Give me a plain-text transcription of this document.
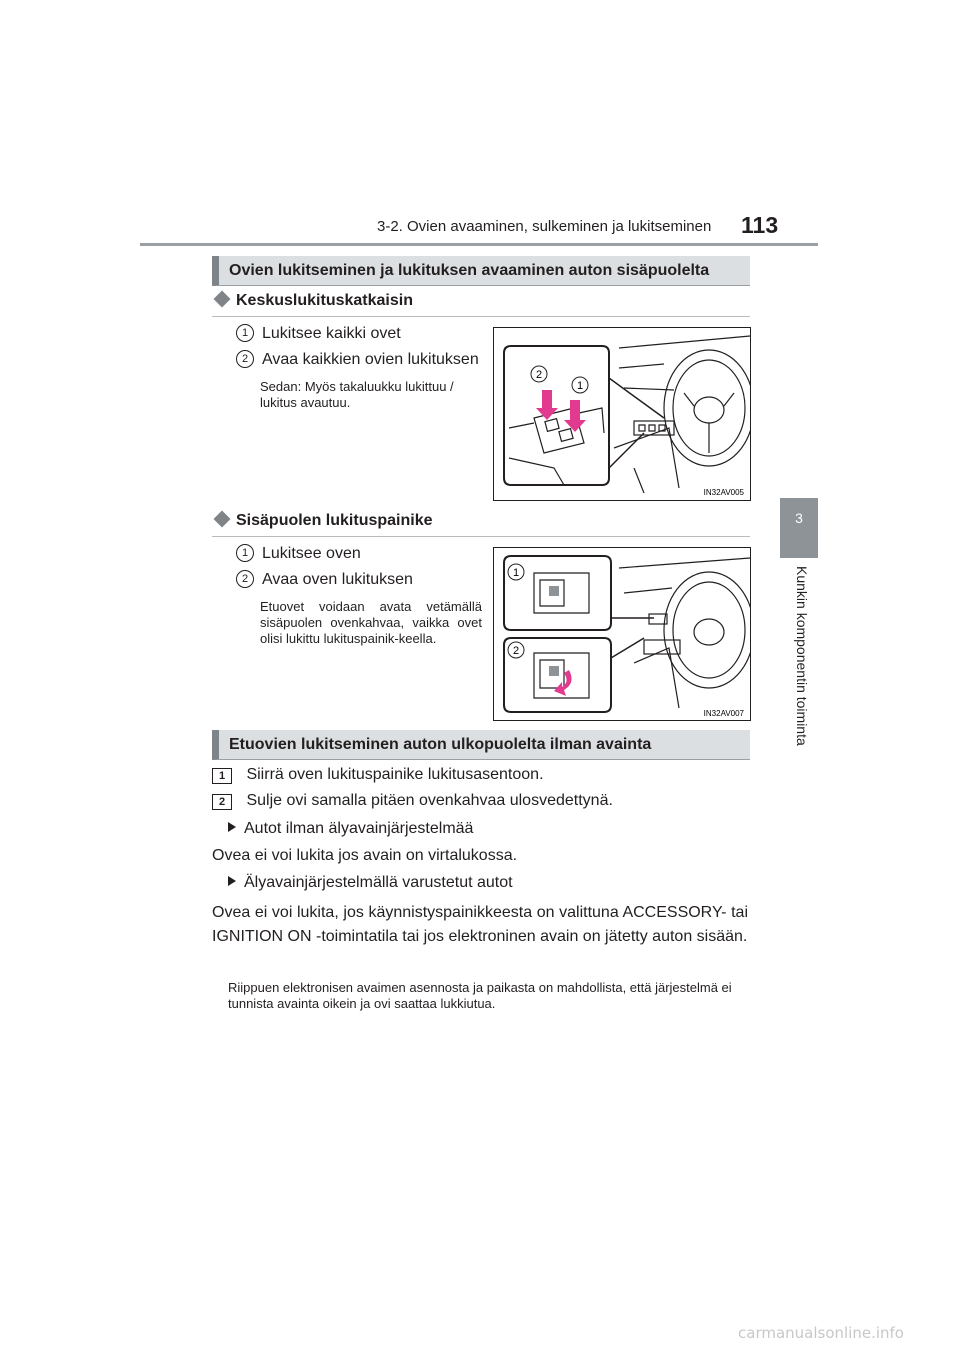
3-2. Ovien avaaminen, sulkeminen ja lukitseminen 113
3
Kunkin komponentin toiminta
Ovien lukitseminen ja lukituksen avaaminen auton sisäpuolelta
Keskuslukituskatkaisin
1 Lukitsee kaikki ovet
2 Avaa kaikkien ovien lukituksen
Sedan: Myös takaluukku lukittuu / lukitus avautuu.
2
1
IN32AV005
Sisäpuolen lukituspainike
1 Lukitsee oven
2 Avaa oven lukituksen
Etuovet voidaan avata vetämällä sisäpuolen ovenkahvaa, vaikka ovet olisi lukittu lukituspainik-keella.
1
2
IN32AV007
Etuovien lukitseminen auton ulkopuolelta ilman avainta
1 Siirrä oven lukituspainike lukitusasentoon.
2 Sulje ovi samalla pitäen ovenkahvaa ulosvedettynä.
Autot ilman älyavainjärjestelmää
Ovea ei voi lukita jos avain on virtalukossa.
Älyavainjärjestelmällä varustetut autot
Ovea ei voi lukita, jos käynnistyspainikkeesta on valittuna ACCESSORY- tai IGNITION ON -toimintatila tai jos elektroninen avain on jätetty auton sisään.
Riippuen elektronisen avaimen asennosta ja paikasta on mahdollista, että järjestelmä ei tunnista avainta oikein ja ovi saattaa lukkiutua.
carmanualsonline.info
